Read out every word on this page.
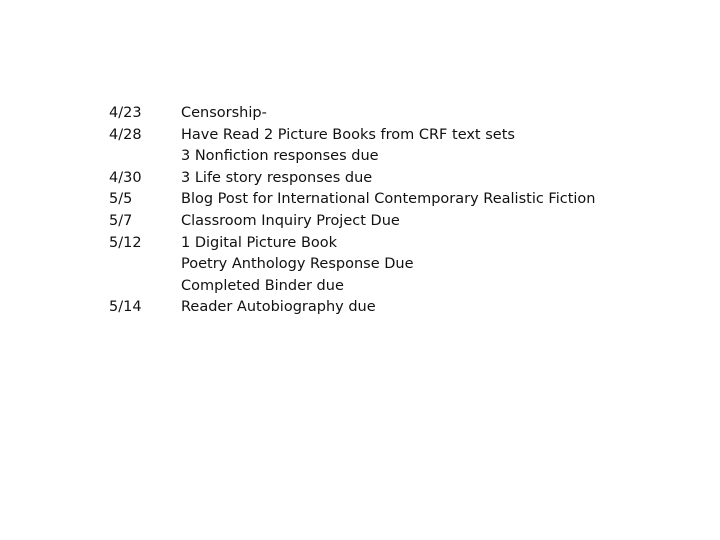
4/23	Censorship-
4/28	Have Read 2 Picture Books from CRF text sets
3 Nonfiction responses due
4/30	3 Life story responses due
5/5	Blog Post for International Contemporary Realistic Fiction
5/7	Classroom Inquiry Project Due
5/12	1 Digital Picture Book
Poetry Anthology Response Due
Completed Binder due
5/14	Reader Autobiography due
